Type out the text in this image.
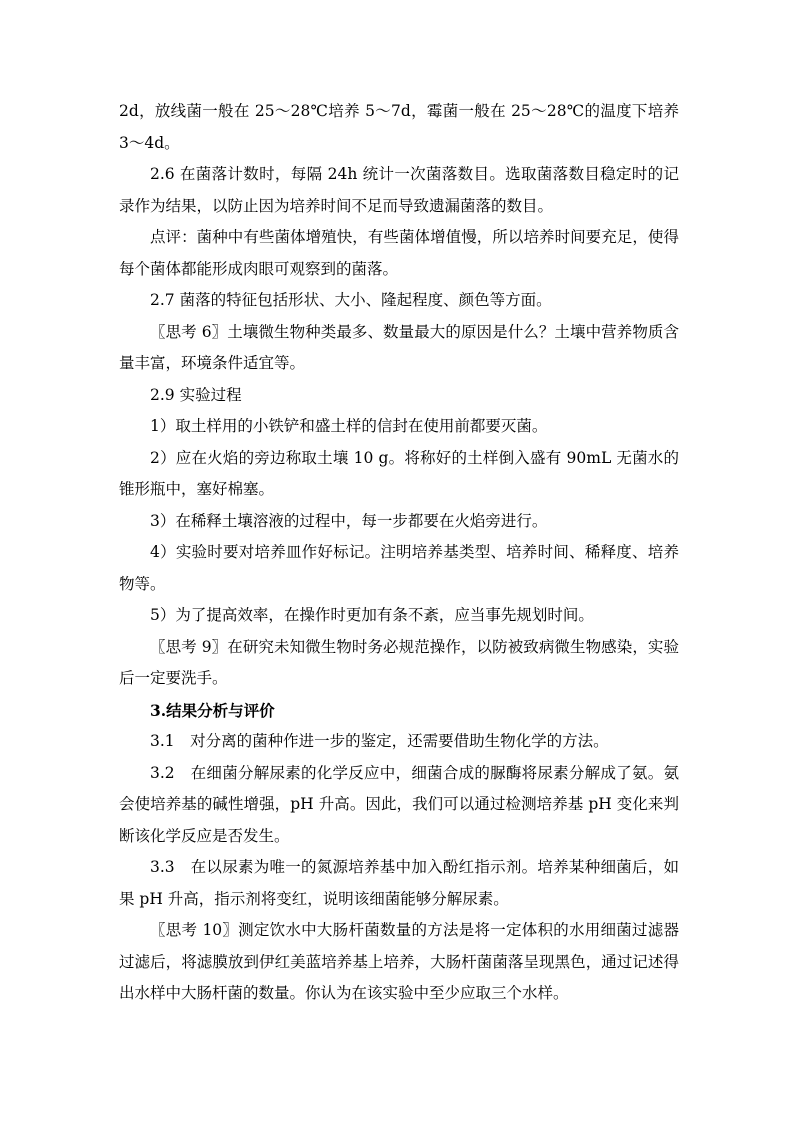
2d，放线菌一般在 25～28℃培养 5～7d，霉菌一般在 25～28℃的温度下培养 3～4d。

2.6 在菌落计数时，每隔 24h 统计一次菌落数目。选取菌落数目稳定时的记录作为结果，以防止因为培养时间不足而导致遗漏菌落的数目。

点评：菌种中有些菌体增殖快，有些菌体增值慢，所以培养时间要充足，使得每个菌体都能形成肉眼可观察到的菌落。

2.7 菌落的特征包括形状、大小、隆起程度、颜色等方面。

〖思考 6〗土壤微生物种类最多、数量最大的原因是什么？土壤中营养物质含量丰富，环境条件适宜等。

2.9 实验过程

1）取土样用的小铁铲和盛土样的信封在使用前都要灭菌。

2）应在火焰的旁边称取土壤 10 g。将称好的土样倒入盛有 90mL 无菌水的锥形瓶中，塞好棉塞。

3）在稀释土壤溶液的过程中，每一步都要在火焰旁进行。

4）实验时要对培养皿作好标记。注明培养基类型、培养时间、稀释度、培养物等。

5）为了提高效率，在操作时更加有条不紊，应当事先规划时间。

〖思考 9〗在研究未知微生物时务必规范操作，以防被致病微生物感染，实验后一定要洗手。

3.结果分析与评价

3.1　对分离的菌种作进一步的鉴定，还需要借助生物化学的方法。

3.2　在细菌分解尿素的化学反应中，细菌合成的脲酶将尿素分解成了氨。氨会使培养基的碱性增强，pH 升高。因此，我们可以通过检测培养基 pH 变化来判断该化学反应是否发生。

3.3　在以尿素为唯一的氮源培养基中加入酚红指示剂。培养某种细菌后，如果 pH 升高，指示剂将变红，说明该细菌能够分解尿素。

〖思考 10〗测定饮水中大肠杆菌数量的方法是将一定体积的水用细菌过滤器过滤后，将滤膜放到伊红美蓝培养基上培养，大肠杆菌菌落呈现黑色，通过记述得出水样中大肠杆菌的数量。你认为在该实验中至少应取三个水样。
